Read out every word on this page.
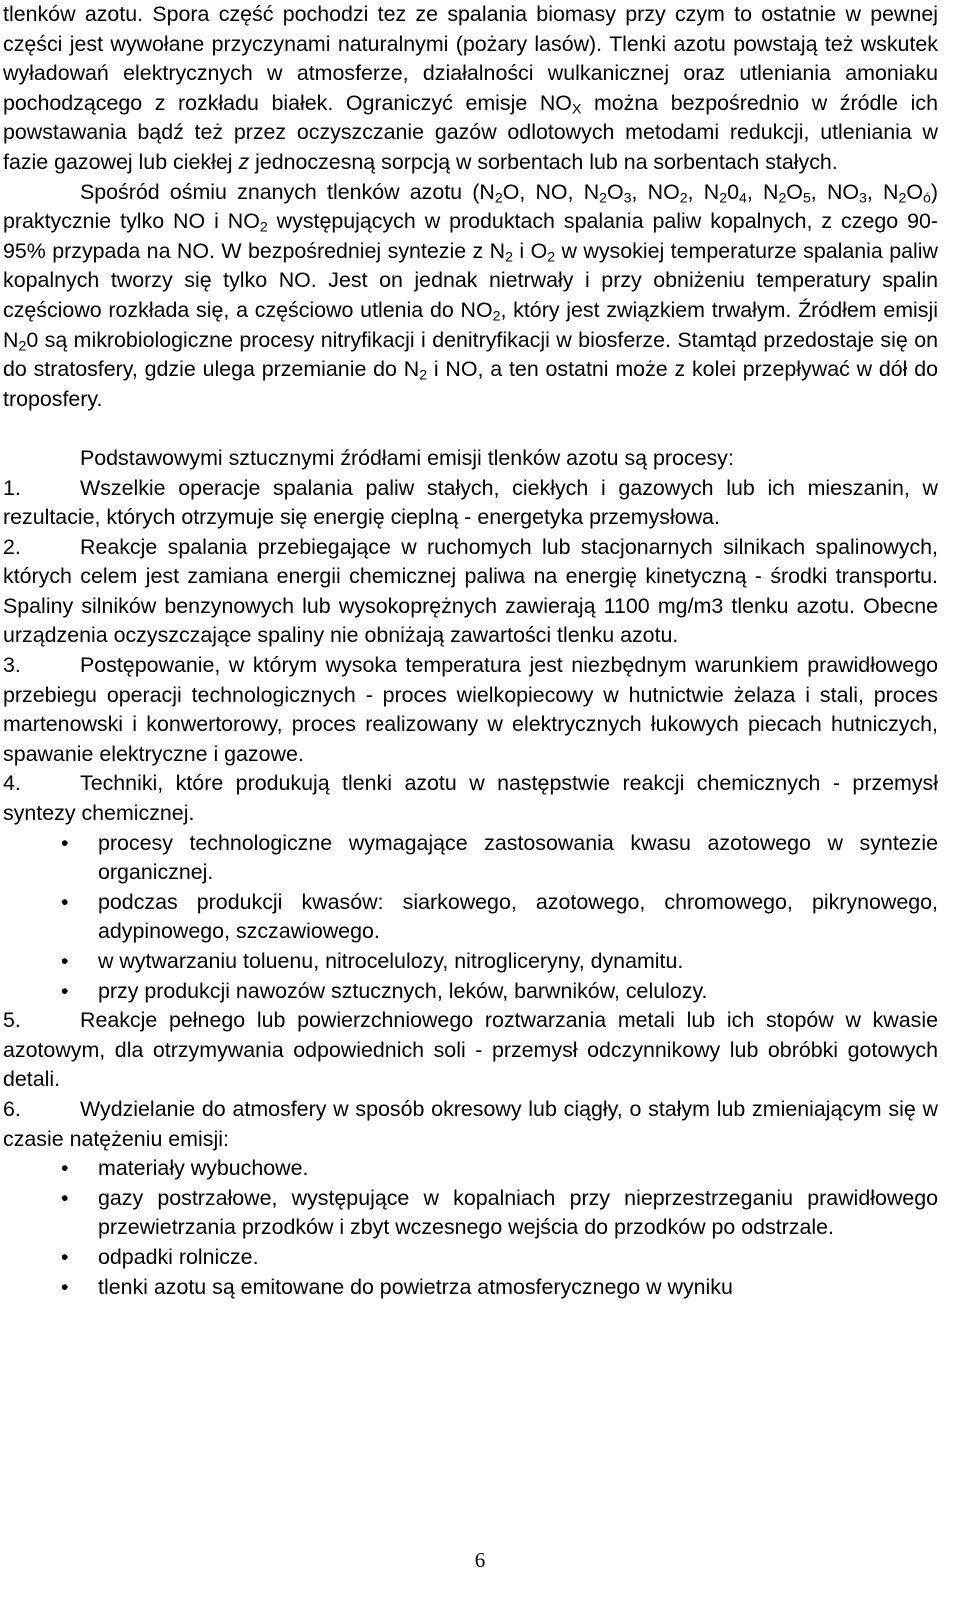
tlenków azotu. Spora część pochodzi tez ze spalania biomasy przy czym to ostatnie w pewnej części jest wywołane przyczynami naturalnymi (pożary lasów). Tlenki azotu powstają też wskutek wyładowań elektrycznych w atmosferze, działalności wulkanicznej oraz utleniania amoniaku pochodzącego z rozkładu białek. Ograniczyć emisje $NO_X$ można bezpośrednio w źródle ich powstawania bądź też przez oczyszczanie gazów odlotowych metodami redukcji, utleniania w fazie gazowej lub ciekłej z jednoczesną sorpcją w sorbentach lub na sorbentach stałych.

Spośród ośmiu znanych tlenków azotu ($N_2O$, NO, $N_2O_3$, $NO_2$, $N_20_4$, $N_2O_5$, $NO_3$, $N_2O_ó$) praktycznie tylko NO i $NO_2$ występujących w produktach spalania paliw kopalnych, z czego 90-95% przypada na NO. W bezpośredniej syntezie z $N_2$ i $O_2$ w wysokiej temperaturze spalania paliw kopalnych tworzy się tylko NO. Jest on jednak nietrwały i przy obniżeniu temperatury spalin częściowo rozkłada się, a częściowo utlenia do $NO_2$, który jest związkiem trwałym. Źródłem emisji $N_20$ są mikrobiologiczne procesy nitryfikacji i denitryfikacji w biosferze. Stamtąd przedostaje się on do stratosfery, gdzie ulega przemianie do $N_2$ i NO, a ten ostatni może z kolei przepływać w dół do troposfery.

Podstawowymi sztucznymi źródłami emisji tlenków azotu są procesy:

1.	Wszelkie operacje spalania paliw stałych, ciekłych i gazowych lub ich mieszanin, w rezultacie, których otrzymuje się energię cieplną - energetyka przemysłowa.

2.	Reakcje spalania przebiegające w ruchomych lub stacjonarnych silnikach spalinowych, których celem jest zamiana energii chemicznej paliwa na energię kinetyczną - środki transportu. Spaliny silników benzynowych lub wysokoprężnych zawierają 1100 mg/m3 tlenku azotu. Obecne urządzenia oczyszczające spaliny nie obniżają zawartości tlenku azotu.

3.	Postępowanie, w którym wysoka temperatura jest niezbędnym warunkiem prawidłowego przebiegu operacji technologicznych - proces wielkopiecowy w hutnictwie żelaza i stali, proces martenowski i konwertorowy, proces realizowany w elektrycznych łukowych piecach hutniczych, spawanie elektryczne i gazowe.

4.	Techniki, które produkują tlenki azotu w następstwie reakcji chemicznych - przemysł syntezy chemicznej.

• procesy technologiczne wymagające zastosowania kwasu azotowego w syntezie organicznej.
• podczas produkcji kwasów: siarkowego, azotowego, chromowego, pikrynowego, adypinowego, szczawiowego.
• w wytwarzaniu toluenu, nitrocelulozy, nitrogliceryny, dynamitu.
• przy produkcji nawozów sztucznych, leków, barwników, celulozy.

5.	Reakcje pełnego lub powierzchniowego roztwarzania metali lub ich stopów w kwasie azotowym, dla otrzymywania odpowiednich soli - przemysł odczynnikowy lub obróbki gotowych detali.

6.	Wydzielanie do atmosfery w sposób okresowy lub ciągły, o stałym lub zmieniającym się w czasie natężeniu emisji:

• materiały wybuchowe.
• gazy postrzałowe, występujące w kopalniach przy nieprzestrzeganiu prawidłowego przewietrzania przodków i zbyt wczesnego wejścia do przodków po odstrzale.
• odpadki rolnicze.
• tlenki azotu są emitowane do powietrza atmosferycznego w wyniku
6
